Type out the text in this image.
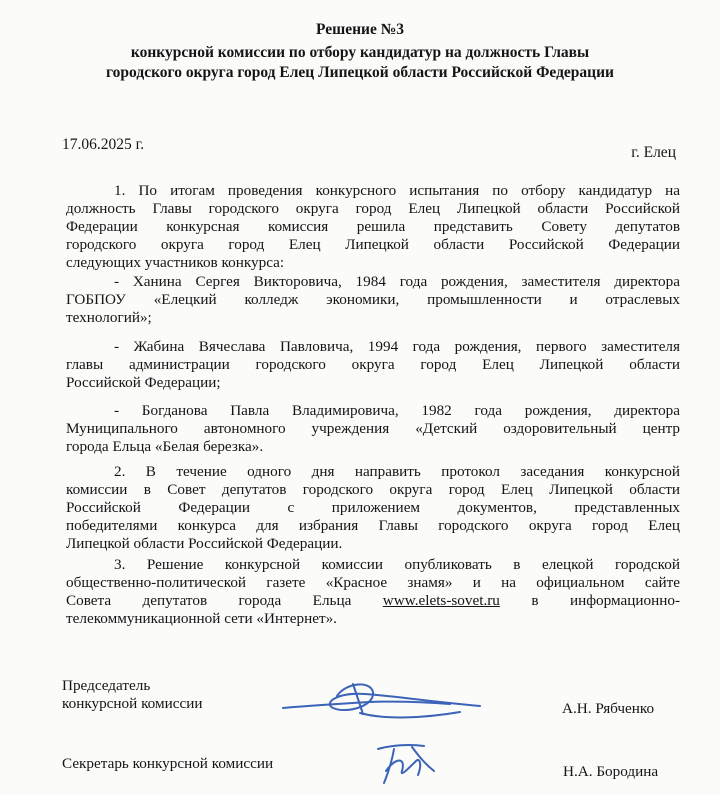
Решение №3
конкурсной комиссии по отбору кандидатур на должность Главы
городского округа город Елец Липецкой области Российской Федерации
17.06.2025 г.	г. Елец

1. По итогам проведения конкурсного испытания по отбору кандидатур на

должность Главы городского округа город Елец Липецкой области Российской

Федерации конкурсная комиссия решила представить Совету депутатов

городского округа город Елец Липецкой области Российской Федерации

следующих участников конкурса:

- Ханина Сергея Викторовича, 1984 года рождения, заместителя директора

ГОБПОУ «Елецкий колледж экономики, промышленности и отраслевых

технологий»;

- Жабина Вячеслава Павловича, 1994 года рождения, первого заместителя

главы администрации городского округа город Елец Липецкой области

Российской Федерации;

- Богданова Павла Владимировича, 1982 года рождения, директора

Муниципального автономного учреждения «Детский оздоровительный центр

города Ельца «Белая березка».

2. В течение одного дня направить протокол заседания конкурсной

комиссии в Совет депутатов городского округа город Елец Липецкой области

Российской Федерации с приложением документов, представленных

победителями конкурса для избрания Главы городского округа город Елец

Липецкой области Российской Федерации.

3. Решение конкурсной комиссии опубликовать в елецкой городской

общественно-политической газете «Красное знамя» и на официальном сайте

Совета депутатов города Ельца www.elets-sovet.ru в информационно-

телекоммуникационной сети «Интернет».

Председатель
конкурсной комиссии	А.Н. Рябченко
Секретарь конкурсной комиссии	Н.А. Бородина
